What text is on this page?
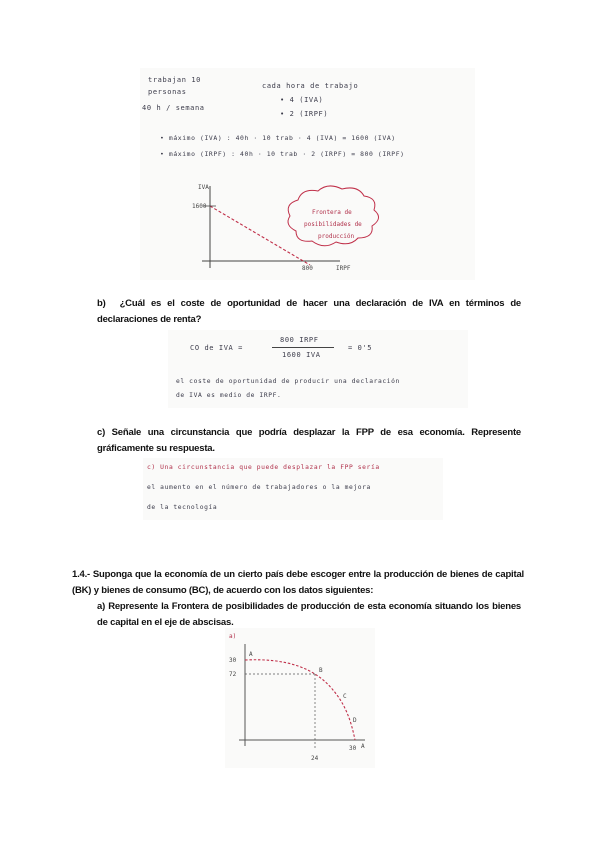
trabajan 10
personas
40 h / semana
cada hora de trabajo
• 4 (IVA)
• 2 (IRPF)
• máximo (IVA) : 40h · 10 trab · 4 (IVA) = 1600 (IVA)
• máximo (IRPF) : 40h · 10 trab · 2 (IRPF) = 800 (IRPF)
IVA
1600
800	IRPF
Frontera de
posibilidades de
producción
b) ¿Cuál es el coste de oportunidad de hacer una declaración de IVA en términos de declaraciones de renta?
CO de IVA =
800 IRPF
1600 IVA
= 0'5
el coste de oportunidad de producir una declaración
de IVA es medio de IRPF.
c) Señale una circunstancia que podría desplazar la FPP de esa economía. Represente gráficamente su respuesta.
c) Una circunstancia que puede desplazar la FPP sería
el aumento en el número de trabajadores o la mejora
de la tecnología
1.4.- Suponga que la economía de un cierto país debe escoger entre la producción de bienes de capital (BK) y bienes de consumo (BC), de acuerdo con los datos siguientes:
a) Represente la Frontera de posibilidades de producción de esta economía situando los bienes de capital en el eje de abscisas.
a)
30
72
A
B
C
D
24
30 A
